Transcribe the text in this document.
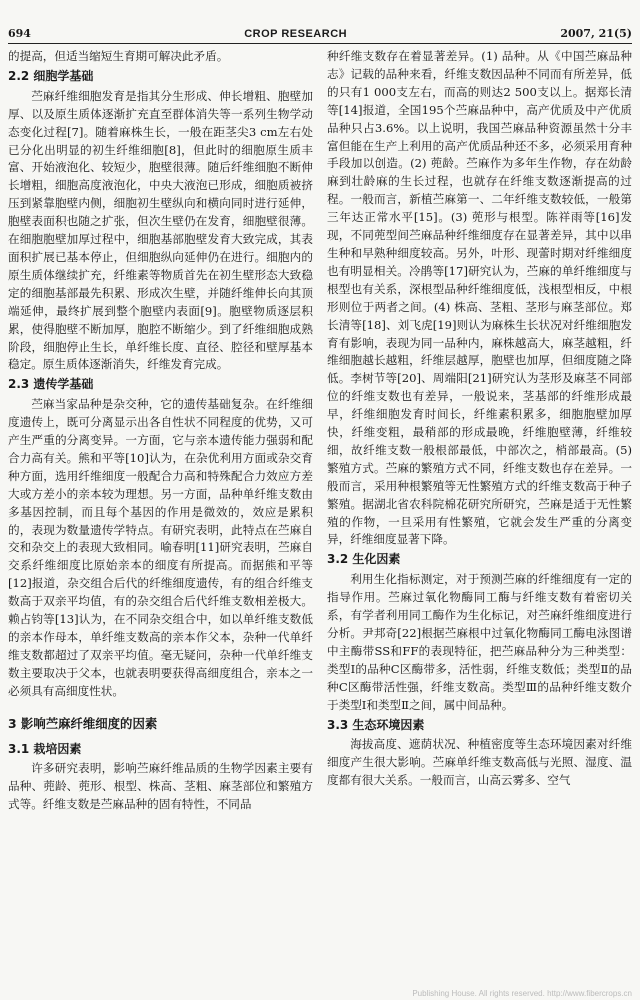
694	CROP RESEARCH	2007, 21(5)

的提高，但适当缩短生育期可解决此矛盾。

2.2 细胞学基础

苎麻纤维细胞发育是指其分生形成、伸长增粗、胞壁加厚、以及原生质体逐渐扩充直至群体消失等一系列生物学动态变化过程[7]。随着麻株生长，一般在距茎尖3 cm左右处已分化出明显的初生纤维细胞[8]，但此时的细胞原生质丰富、开始液泡化、较短少，胞壁很薄。随后纤维细胞不断伸长增粗，细胞高度液泡化，中央大液泡已形成，细胞质被挤压到紧靠胞壁内侧，细胞初生壁纵向和横向同时进行延伸，胞壁表面积也随之扩张，但次生壁仍在发育，细胞壁很薄。在细胞胞壁加厚过程中，细胞基部胞壁发育大致完成，其表面积扩展已基本停止，但细胞纵向延伸仍在进行。细胞内的原生质体继续扩充，纤维素等物质首先在初生壁形态大致稳定的细胞基部最先积累、形成次生壁，并随纤维伸长向其顶端延伸，最终扩展到整个胞壁内表面[9]。胞壁物质逐层积累，使得胞壁不断加厚，胞腔不断缩少。到了纤维细胞成熟阶段，细胞停止生长，单纤维长度、直径、腔径和壁厚基本稳定。原生质体逐渐消失，纤维发育完成。

2.3 遗传学基础

苎麻当家品种是杂交种，它的遗传基础复杂。在纤维细度遗传上，既可分离显示出各自性状不同程度的优势，又可产生严重的分离变异。一方面，它与亲本遗传能力强弱和配合力高有关。熊和平等[10]认为，在杂优利用方面或杂交育种方面，选用纤维细度一般配合力高和特殊配合力效应方差大或方差小的亲本较为理想。另一方面，品种单纤维支数由多基因控制，而且每个基因的作用是微效的，效应是累积的，表现为数量遗传学特点。有研究表明，此特点在苎麻自交和杂交上的表现大致相同。喻春明[11]研究表明，苎麻自交系纤维细度比原始亲本的细度有所提高。而据熊和平等[12]报道，杂交组合后代的纤维细度遗传，有的组合纤维支数高于双亲平均值，有的杂交组合后代纤维支数相差极大。赖占钧等[13]认为，在不同杂交组合中，如以单纤维支数低的亲本作母本，单纤维支数高的亲本作父本，杂种一代单纤维支数都超过了双亲平均值。毫无疑问，杂种一代单纤维支数主要取决于父本，也就表明要获得高细度组合，亲本之一必须具有高细度性状。

3 影响苎麻纤维细度的因素
3.1 栽培因素

许多研究表明，影响苎麻纤维品质的生物学因素主要有品种、蔸龄、蔸形、根型、株高、茎粗、麻茎部位和繁殖方式等。纤维支数是苎麻品种的固有特性，不同品

种纤维支数存在着显著差异。(1) 品种。从《中国苎麻品种志》记载的品种来看，纤维支数因品种不同而有所差异，低的只有1 000支左右，而高的则达2 500支以上。据郑长清等[14]报道，全国195个苎麻品种中，高产优质及中产优质品种只占3.6%。以上说明，我国苎麻品种资源虽然十分丰富但能在生产上利用的高产优质品种还不多，必须采用育种手段加以创造。(2) 蔸龄。苎麻作为多年生作物，存在幼龄麻到壮龄麻的生长过程，也就存在纤维支数逐渐提高的过程。一般而言，新植苎麻第一、二年纤维支数较低，一般第三年达正常水平[15]。(3) 蔸形与根型。陈祥雨等[16]发现，不同蔸型间苎麻品种纤维细度存在显著差异，其中以串生种和早熟种细度较高。另外，叶形、现蕾时期对纤维细度也有明显相关。冷鹃等[17]研究认为，苎麻的单纤维细度与根型也有关系，深根型品种纤维细度低，浅根型相反，中根形则位于两者之间。(4) 株高、茎粗、茎形与麻茎部位。郑长清等[18]、刘飞虎[19]则认为麻株生长状况对纤维细胞发育有影响，表现为同一品种内，麻株越高大，麻茎越粗，纤维细胞越长越粗，纤维层越厚，胞壁也加厚，但细度随之降低。李树节等[20]、周端阳[21]研究认为茎形及麻茎不同部位的纤维支数也有差异，一般说来，茎基部的纤维形成最早，纤维细胞发育时间长，纤维素积累多，细胞胞壁加厚快，纤维变粗，最稍部的形成最晚，纤维胞壁薄，纤维较细，故纤维支数一般根部最低，中部次之，梢部最高。(5) 繁殖方式。苎麻的繁殖方式不同，纤维支数也存在差异。一般而言，采用种根繁殖等无性繁殖方式的纤维支数高于种子繁殖。据湖北省农科院棉花研究所研究，苎麻是适于无性繁殖的作物，一旦采用有性繁殖，它就会发生严重的分离变异，纤维细度显著下降。

3.2 生化因素

利用生化指标测定，对于预测苎麻的纤维细度有一定的指导作用。苎麻过氧化物酶同工酶与纤维支数有着密切关系，有学者利用同工酶作为生化标记，对苎麻纤维细度进行分析。尹邦奇[22]根据苎麻根中过氧化物酶同工酶电泳图谱中主酶带SS和FF的表现特征，把苎麻品种分为三种类型：类型Ⅰ的品种C区酶带多，活性弱，纤维支数低；类型Ⅱ的品种C区酶带活性强，纤维支数高。类型Ⅲ的品种纤维支数介于类型Ⅰ和类型Ⅱ之间，属中间品种。

3.3 生态环境因素

海拔高度、遮荫状况、种植密度等生态环境因素对纤维细度产生很大影响。苎麻单纤维支数高低与光照、湿度、温度都有很大关系。一般而言，山高云雾多、空气

Publishing House. All rights reserved. http://www.fibercrops.cn
